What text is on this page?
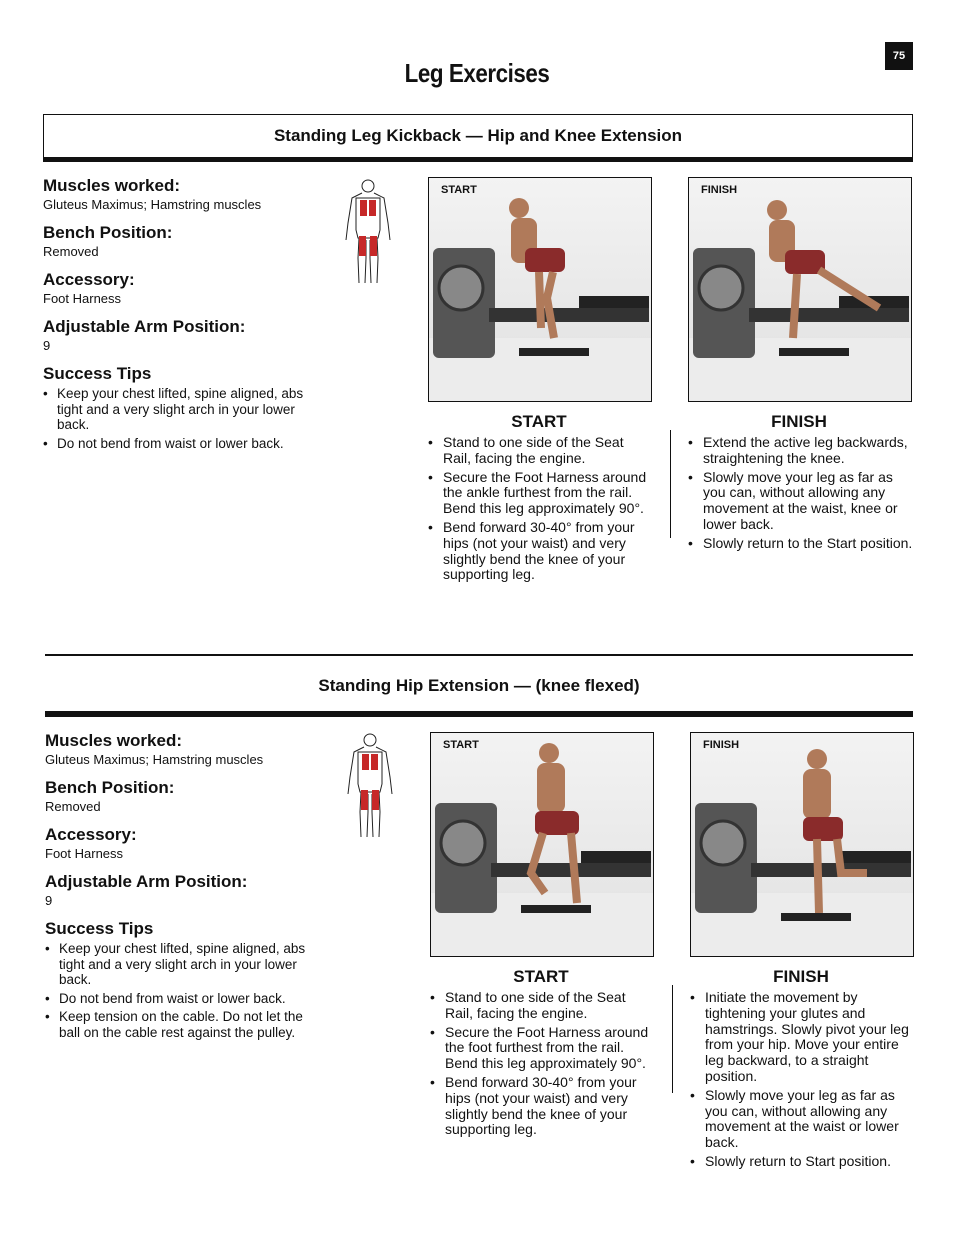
75
Leg Exercises
Standing Leg Kickback — Hip and Knee Extension

Muscles worked:

Gluteus Maximus; Hamstring muscles

Bench Position:

Removed

Accessory:

Foot Harness

Adjustable Arm Position:

9

Success Tips

• Keep your chest lifted, spine aligned, abs tight and a very slight arch in your lower back.
• Do not bend from waist or lower back.
START	FINISH
START
• Stand to one side of the Seat Rail, facing the engine.
• Secure the Foot Harness around the ankle furthest from the rail. Bend this leg approximately 90°.
• Bend forward 30-40° from your hips (not your waist) and very slightly bend the knee of your supporting leg.
FINISH
• Extend the active leg backwards, straightening the knee.
• Slowly move your leg as far as you can, without allowing any movement at the waist, knee or lower back.
• Slowly return to the Start position.
Standing Hip Extension — (knee flexed)

Muscles worked:

Gluteus Maximus; Hamstring muscles

Bench Position:

Removed

Accessory:

Foot Harness

Adjustable Arm Position:

9

Success Tips

• Keep your chest lifted, spine aligned, abs tight and a very slight arch in your lower back.
• Do not bend from waist or lower back.
• Keep tension on the cable. Do not let the ball on the cable rest against the pulley.
START	FINISH
START
• Stand to one side of the Seat Rail, facing the engine.
• Secure the Foot Harness around the foot furthest from the rail. Bend this leg approximately 90°.
• Bend forward 30-40° from your hips (not your waist) and very slightly bend the knee of your supporting leg.
FINISH
• Initiate the movement by tightening your glutes and hamstrings. Slowly pivot your leg from your hip. Move your entire leg backward, to a straight position.
• Slowly move your leg as far as you can, without allowing any movement at the waist or lower back.
• Slowly return to Start position.
